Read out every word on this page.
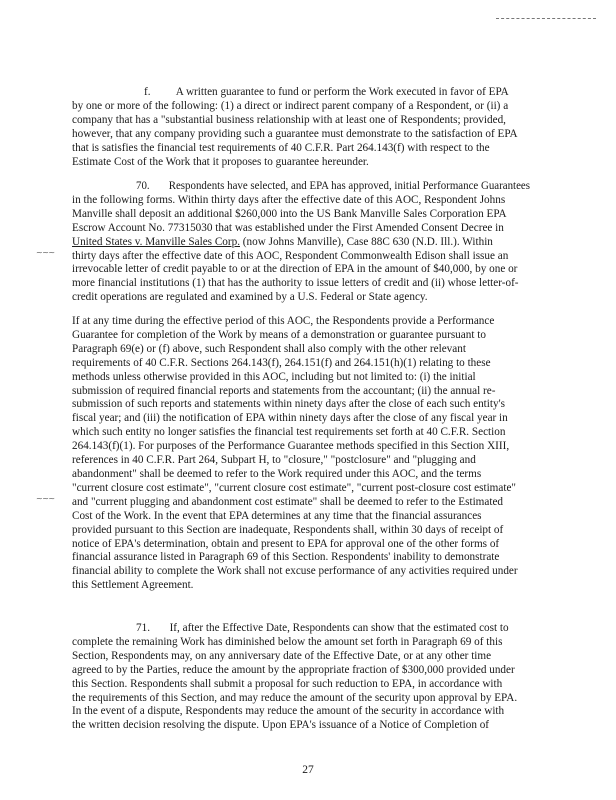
~~~
~~~
f.         A written guarantee to fund or perform the Work executed in favor of EPA
by one or more of the following: (1) a direct or indirect parent company of a Respondent, or (ii) a
company that has a "substantial business relationship with at least one of Respondents; provided,
however, that any company providing such a guarantee must demonstrate to the satisfaction of EPA
that is satisfies the financial test requirements of 40 C.F.R. Part 264.143(f) with respect to the
Estimate Cost of the Work that it proposes to guarantee hereunder.
70.       Respondents have selected, and EPA has approved, initial Performance Guarantees
in the following forms. Within thirty days after the effective date of this AOC, Respondent Johns
Manville shall deposit an additional $260,000 into the US Bank Manville Sales Corporation EPA
Escrow Account No. 77315030 that was established under the First Amended Consent Decree in
United States v. Manville Sales Corp. (now Johns Manville), Case 88C 630 (N.D. Ill.). Within
thirty days after the effective date of this AOC, Respondent Commonwealth Edison shall issue an
irrevocable letter of credit payable to or at the direction of EPA in the amount of $40,000, by one or
more financial institutions (1) that has the authority to issue letters of credit and (ii) whose letter-of-
credit operations are regulated and examined by a U.S. Federal or State agency.
If at any time during the effective period of this AOC, the Respondents provide a Performance
Guarantee for completion of the Work by means of a demonstration or guarantee pursuant to
Paragraph 69(e) or (f) above, such Respondent shall also comply with the other relevant
requirements of 40 C.F.R. Sections 264.143(f), 264.151(f) and 264.151(h)(1) relating to these
methods unless otherwise provided in this AOC, including but not limited to: (i) the initial
submission of required financial reports and statements from the accountant; (ii) the annual re-
submission of such reports and statements within ninety days after the close of each such entity's
fiscal year; and (iii) the notification of EPA within ninety days after the close of any fiscal year in
which such entity no longer satisfies the financial test requirements set forth at 40 C.F.R. Section
264.143(f)(1). For purposes of the Performance Guarantee methods specified in this Section XIII,
references in 40 C.F.R. Part 264, Subpart H, to "closure," "postclosure" and "plugging and
abandonment" shall be deemed to refer to the Work required under this AOC, and the terms
"current closure cost estimate", "current closure cost estimate", "current post-closure cost estimate"
and "current plugging and abandonment cost estimate" shall be deemed to refer to the Estimated
Cost of the Work. In the event that EPA determines at any time that the financial assurances
provided pursuant to this Section are inadequate, Respondents shall, within 30 days of receipt of
notice of EPA's determination, obtain and present to EPA for approval one of the other forms of
financial assurance listed in Paragraph 69 of this Section. Respondents' inability to demonstrate
financial ability to complete the Work shall not excuse performance of any activities required under
this Settlement Agreement.
71.       If, after the Effective Date, Respondents can show that the estimated cost to
complete the remaining Work has diminished below the amount set forth in Paragraph 69 of this
Section, Respondents may, on any anniversary date of the Effective Date, or at any other time
agreed to by the Parties, reduce the amount by the appropriate fraction of $300,000 provided under
this Section. Respondents shall submit a proposal for such reduction to EPA, in accordance with
the requirements of this Section, and may reduce the amount of the security upon approval by EPA.
In the event of a dispute, Respondents may reduce the amount of the security in accordance with
the written decision resolving the dispute. Upon EPA's issuance of a Notice of Completion of
27
